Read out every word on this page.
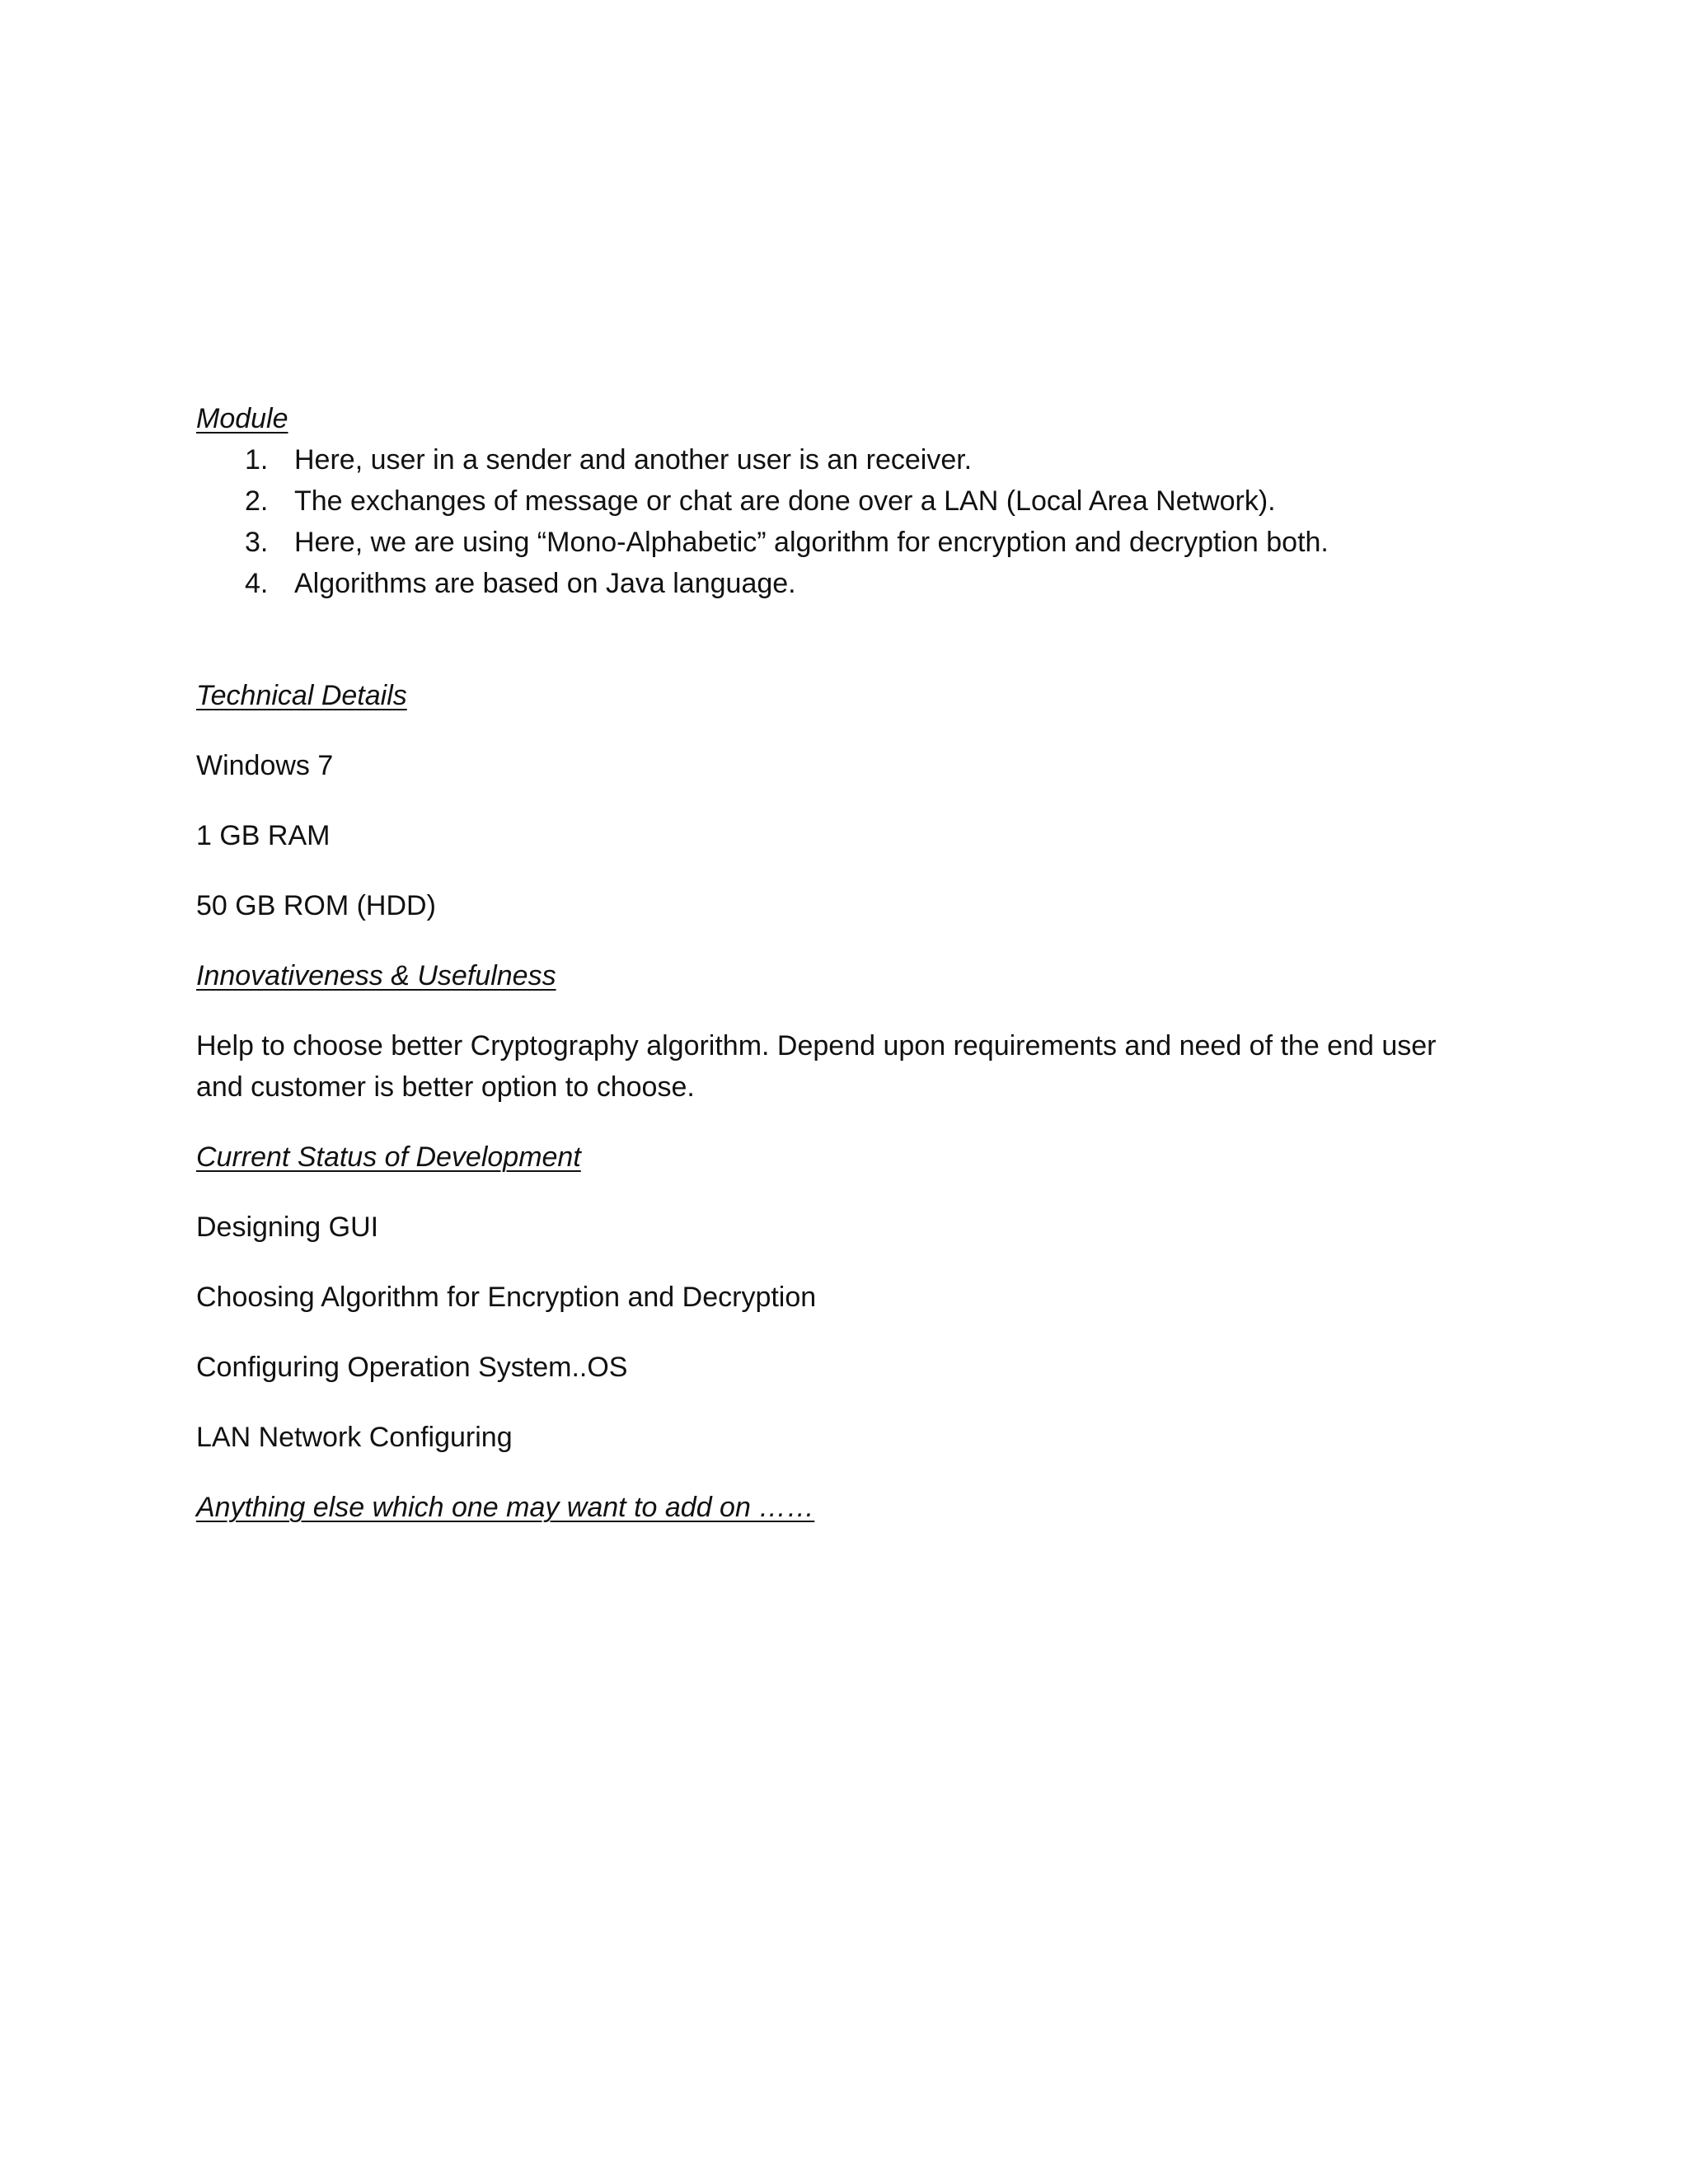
Module

1. Here, user in a sender and another user is an receiver.
2. The exchanges of message or chat are done over a LAN (Local Area Network).
3. Here, we are using “Mono-Alphabetic” algorithm for encryption and decryption both.
4. Algorithms are based on Java language.

Technical Details

Windows 7

1 GB RAM

50 GB ROM (HDD)

Innovativeness & Usefulness

Help to choose better Cryptography algorithm. Depend upon requirements and need of the end user

and customer is better option to choose.

Current Status of Development

Designing GUI

Choosing Algorithm for Encryption and Decryption

Configuring Operation System..OS

LAN Network Configuring

Anything else which one may want to add on ……
